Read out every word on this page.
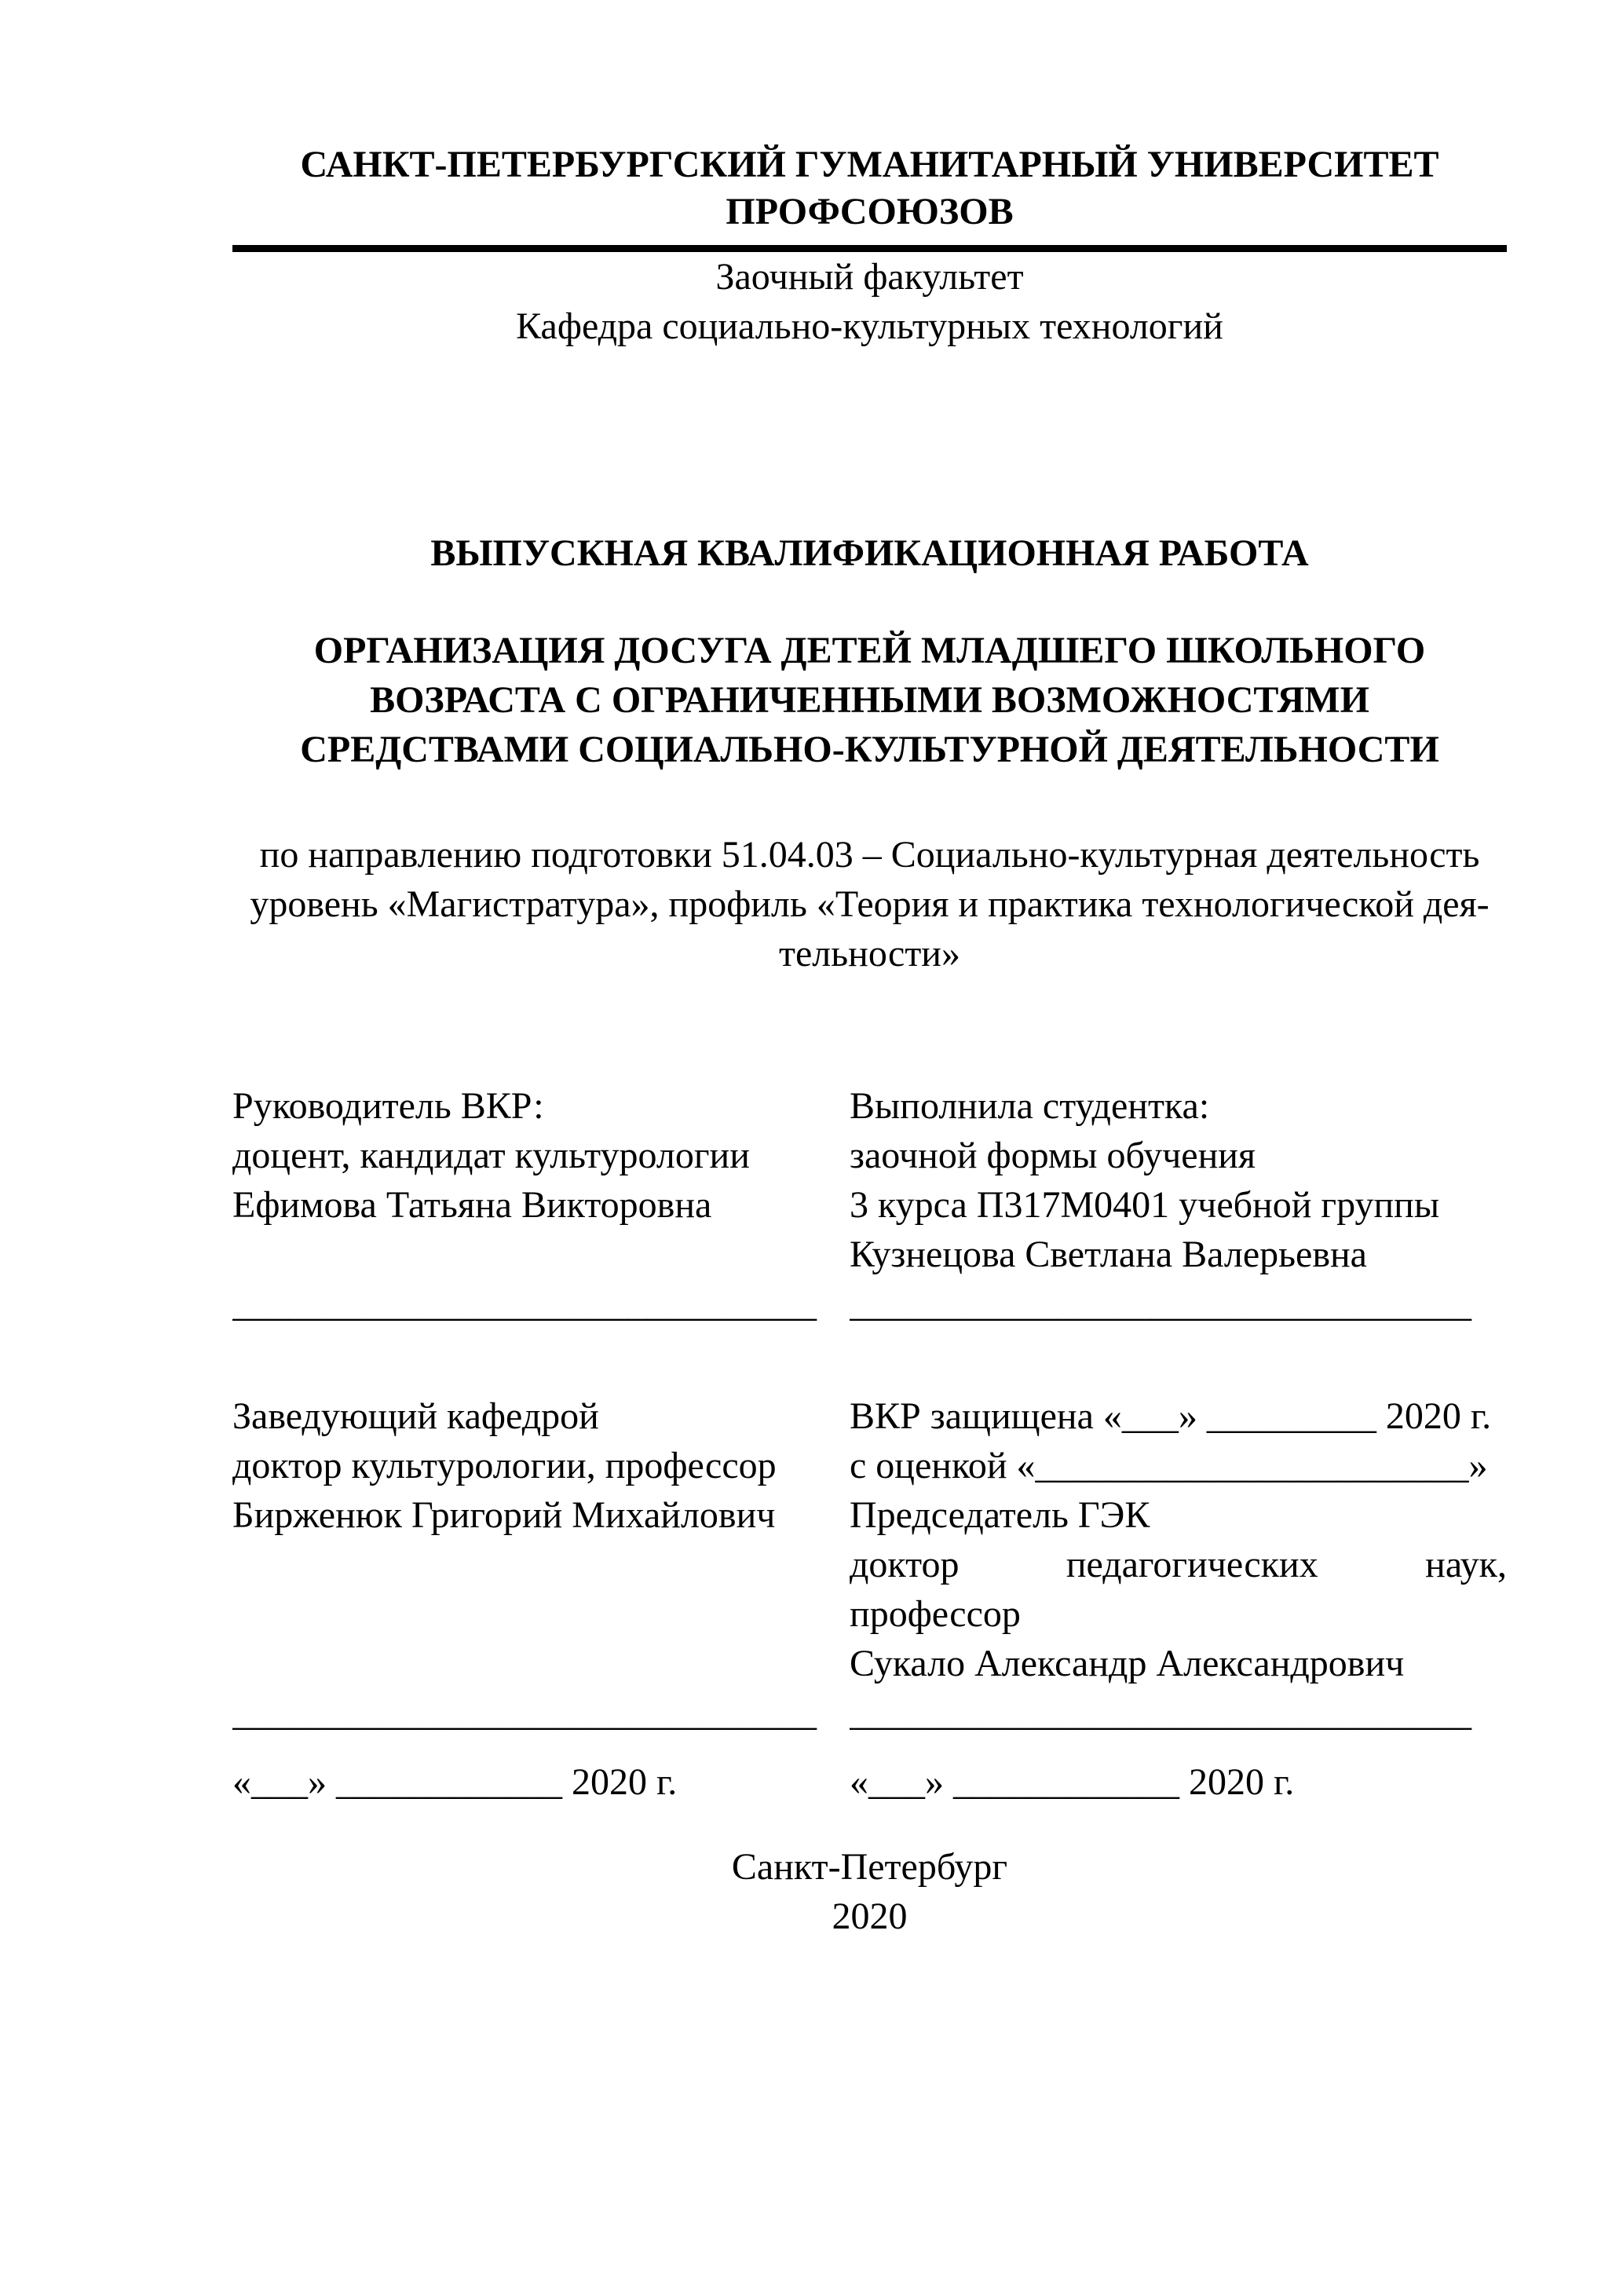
САНКТ-ПЕТЕРБУРГСКИЙ ГУМАНИТАРНЫЙ УНИВЕРСИТЕТ ПРОФСОЮЗОВ
Заочный факультет
Кафедра социально-культурных технологий
ВЫПУСКНАЯ КВАЛИФИКАЦИОННАЯ РАБОТА
ОРГАНИЗАЦИЯ ДОСУГА ДЕТЕЙ МЛАДШЕГО ШКОЛЬНОГО
ВОЗРАСТА С ОГРАНИЧЕННЫМИ ВОЗМОЖНОСТЯМИ
СРЕДСТВАМИ СОЦИАЛЬНО-КУЛЬТУРНОЙ ДЕЯТЕЛЬНОСТИ
по направлению подготовки 51.04.03 – Социально-культурная деятельность
уровень «Магистратура», профиль «Теория и практика технологической дея-
тельности»
Руководитель ВКР:
доцент, кандидат культурологии
Ефимова Татьяна Викторовна
Выполнила студентка:
заочной формы обучения
3 курса П317М0401 учебной группы
Кузнецова Светлана Валерьевна
_______________________________ _________________________________
Заведующий кафедрой
доктор культурологии, профессор
Бирженюк Григорий Михайлович
ВКР защищена «___» _________ 2020 г.
с оценкой «_______________________»
Председатель ГЭК
доктор педагогических наук,
профессор
Сукало Александр Александрович
_______________________________ _________________________________
«___» ____________ 2020 г.	«___» ____________ 2020 г.
Санкт-Петербург
2020
